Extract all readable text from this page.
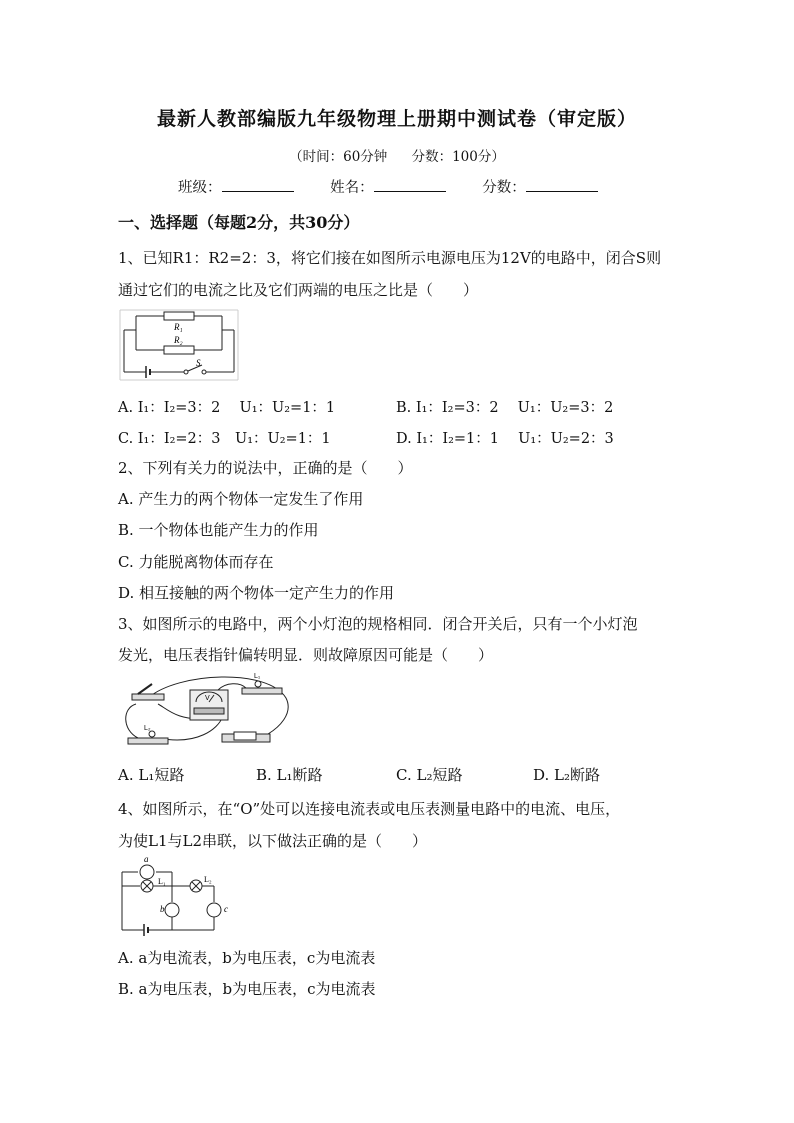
最新人教部编版九年级物理上册期中测试卷（审定版）
（时间：60分钟 分数：100分）
班级：	姓名：	分数：
一、选择题（每题2分，共30分）
1、已知R1：R2=2：3，将它们接在如图所示电源电压为12V的电路中，闭合S则
通过它们的电流之比及它们两端的电压之比是（　　）
R₁
R₂
S
A. I₁：I₂=3：2　 U₁：U₂=1：1	B. I₁：I₂=3：2　 U₁：U₂=3：2
C. I₁：I₂=2：3　U₁：U₂=1：1	D. I₁：I₂=1：1　 U₁：U₂=2：3
2、下列有关力的说法中，正确的是（　　）
A. 产生力的两个物体一定发生了作用
B. 一个物体也能产生力的作用
C. 力能脱离物体而存在
D. 相互接触的两个物体一定产生力的作用
3、如图所示的电路中，两个小灯泡的规格相同．闭合开关后，只有一个小灯泡
发光，电压表指针偏转明显．则故障原因可能是（　　）
V
L₁
L₂
A. L₁短路	B. L₁断路	C. L₂短路	D. L₂断路
4、如图所示，在“O”处可以连接电流表或电压表测量电路中的电流、电压，
为使L1与L2串联，以下做法正确的是（　　）
a
L₁	L₂
b	c
A. a为电流表，b为电压表，c为电流表
B. a为电压表，b为电压表，c为电流表
